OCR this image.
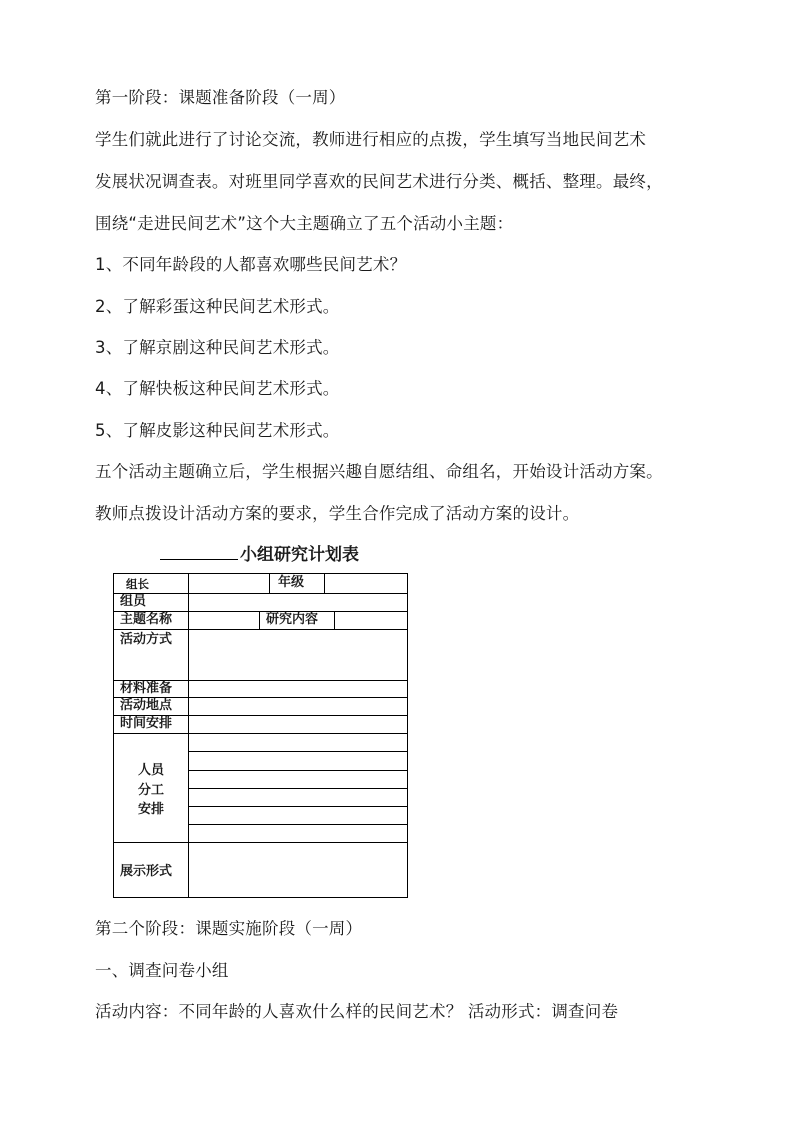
第一阶段：课题准备阶段（一周）
学生们就此进行了讨论交流，教师进行相应的点拨，学生填写当地民间艺术
发展状况调查表。对班里同学喜欢的民间艺术进行分类、概括、整理。最终，
围绕“走进民间艺术”这个大主题确立了五个活动小主题：
1、不同年龄段的人都喜欢哪些民间艺术？
2、了解彩蛋这种民间艺术形式。
3、了解京剧这种民间艺术形式。
4、了解快板这种民间艺术形式。
5、了解皮影这种民间艺术形式。
五个活动主题确立后，学生根据兴趣自愿结组、命组名，开始设计活动方案。
教师点拨设计活动方案的要求，学生合作完成了活动方案的设计。
小组研究计划表
组长	年级
组员
主题名称	研究内容
活动方式
材料准备
活动地点
时间安排
人员
分工
安排
展示形式
第二个阶段：课题实施阶段（一周）
一、调查问卷小组
活动内容：不同年龄的人喜欢什么样的民间艺术？ 活动形式：调查问卷
